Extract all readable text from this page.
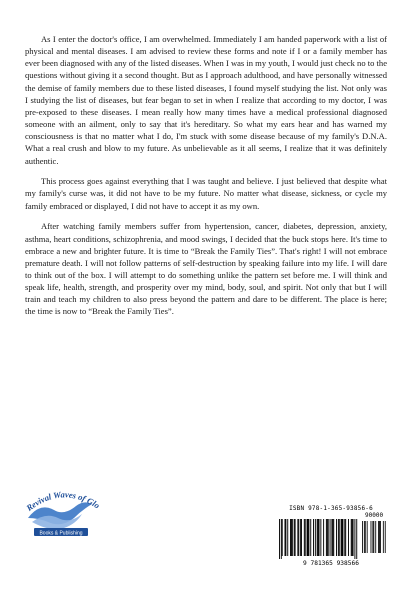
As I enter the doctor's office, I am overwhelmed. Immediately I am handed paperwork with a list of physical and mental diseases. I am advised to review these forms and note if I or a family member has ever been diagnosed with any of the listed diseases. When I was in my youth, I would just check no to the questions without giving it a second thought. But as I approach adulthood, and have personally witnessed the demise of family members due to these listed diseases, I found myself studying the list. Not only was I studying the list of diseases, but fear began to set in when I realize that according to my doctor, I was pre-exposed to these diseases. I mean really how many times have a medical professional diagnosed someone with an ailment, only to say that it's hereditary. So what my ears hear and has warned my consciousness is that no matter what I do, I'm stuck with some disease because of my family's D.N.A. What a real crush and blow to my future. As unbelievable as it all seems, I realize that it was definitely authentic.

This process goes against everything that I was taught and believe. I just believed that despite what my family's curse was, it did not have to be my future. No matter what disease, sickness, or cycle my family embraced or displayed, I did not have to accept it as my own.

After watching family members suffer from hypertension, cancer, diabetes, depression, anxiety, asthma, heart conditions, schizophrenia, and mood swings, I decided that the buck stops here. It's time to embrace a new and brighter future. It is time to “Break the Family Ties”. That's right! I will not embrace premature death. I will not follow patterns of self-destruction by speaking failure into my life. I will dare to think out of the box. I will attempt to do something unlike the pattern set before me. I will think and speak life, health, strength, and prosperity over my mind, body, soul, and spirit. Not only that but I will train and teach my children to also press beyond the pattern and dare to be different. The place is here; the time is now to “Break the Family Ties”.

Revival Waves of Glo
Books & Publishing
ISBN 978-1-365-93856-6
90000
9 781365 938566
